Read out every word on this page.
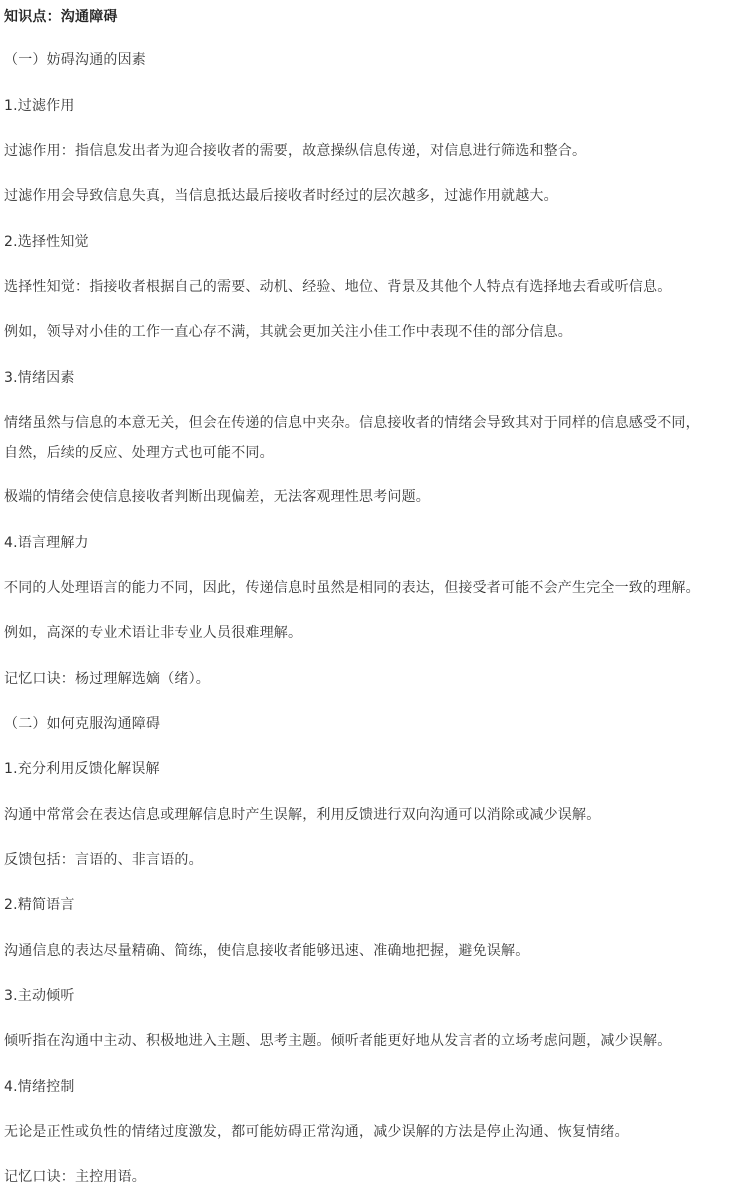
知识点：沟通障碍
（一）妨碍沟通的因素
1.过滤作用
过滤作用：指信息发出者为迎合接收者的需要，故意操纵信息传递，对信息进行筛选和整合。
过滤作用会导致信息失真，当信息抵达最后接收者时经过的层次越多，过滤作用就越大。
2.选择性知觉
选择性知觉：指接收者根据自己的需要、动机、经验、地位、背景及其他个人特点有选择地去看或听信息。
例如，领导对小佳的工作一直心存不满，其就会更加关注小佳工作中表现不佳的部分信息。
3.情绪因素
情绪虽然与信息的本意无关，但会在传递的信息中夹杂。信息接收者的情绪会导致其对于同样的信息感受不同，
自然，后续的反应、处理方式也可能不同。
极端的情绪会使信息接收者判断出现偏差，无法客观理性思考问题。
4.语言理解力
不同的人处理语言的能力不同，因此，传递信息时虽然是相同的表达，但接受者可能不会产生完全一致的理解。
例如，高深的专业术语让非专业人员很难理解。
记忆口诀：杨过理解选嫡（绪）。
（二）如何克服沟通障碍
1.充分利用反馈化解误解
沟通中常常会在表达信息或理解信息时产生误解，利用反馈进行双向沟通可以消除或减少误解。
反馈包括：言语的、非言语的。
2.精简语言
沟通信息的表达尽量精确、简练，使信息接收者能够迅速、准确地把握，避免误解。
3.主动倾听
倾听指在沟通中主动、积极地进入主题、思考主题。倾听者能更好地从发言者的立场考虑问题，减少误解。
4.情绪控制
无论是正性或负性的情绪过度激发，都可能妨碍正常沟通，减少误解的方法是停止沟通、恢复情绪。
记忆口诀：主控用语。
